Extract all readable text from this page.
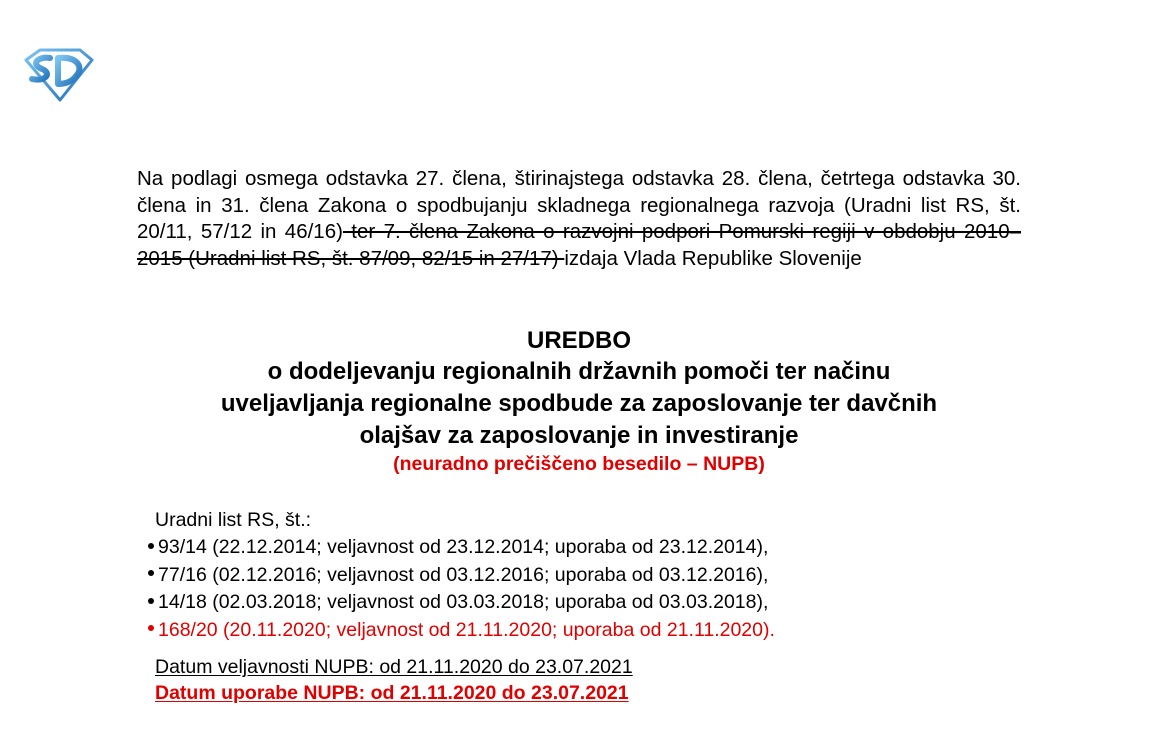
Na podlagi osmega odstavka 27. člena, štirinajstega odstavka 28. člena, četrtega odstavka 30. člena in 31. člena Zakona o spodbujanju skladnega regionalnega razvoja (Uradni list RS, št. 20/11, 57/12 in 46/16) ter 7. člena Zakona o razvojni podpori Pomurski regiji v obdobju 2010–2015 (Uradni list RS, št. 87/09, 82/15 in 27/17) izdaja Vlada Republike Slovenije

UREDBO
o dodeljevanju regionalnih državnih pomoči ter načinu
uveljavljanja regionalne spodbude za zaposlovanje ter davčnih
olajšav za zaposlovanje in investiranje
(neuradno prečiščeno besedilo – NUPB)
Uradni list RS, št.:
93/14 (22.12.2014; veljavnost od 23.12.2014; uporaba od 23.12.2014),
77/16 (02.12.2016; veljavnost od 03.12.2016; uporaba od 03.12.2016),
14/18 (02.03.2018; veljavnost od 03.03.2018; uporaba od 03.03.2018),
168/20 (20.11.2020; veljavnost od 21.11.2020; uporaba od 21.11.2020).
Datum veljavnosti NUPB: od 21.11.2020 do 23.07.2021
Datum uporabe NUPB: od 21.11.2020 do 23.07.2021
